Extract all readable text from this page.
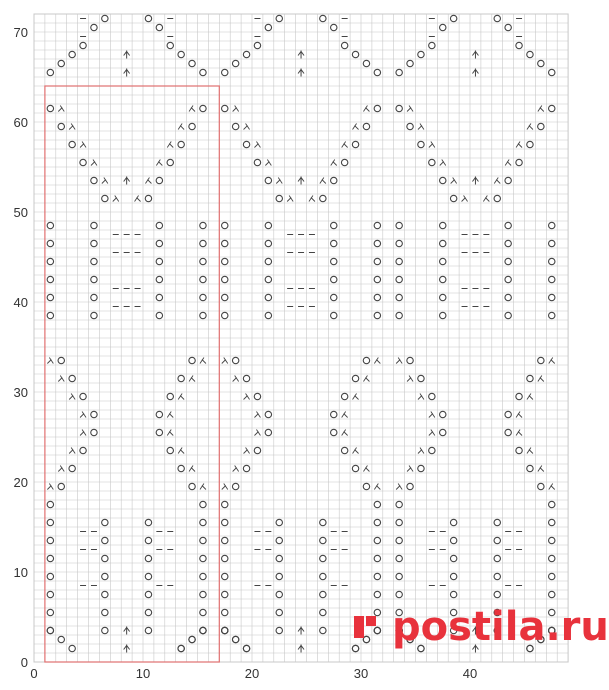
0	10	20	30	40
0
10
20
30
40
50
60
70
postila.ru
